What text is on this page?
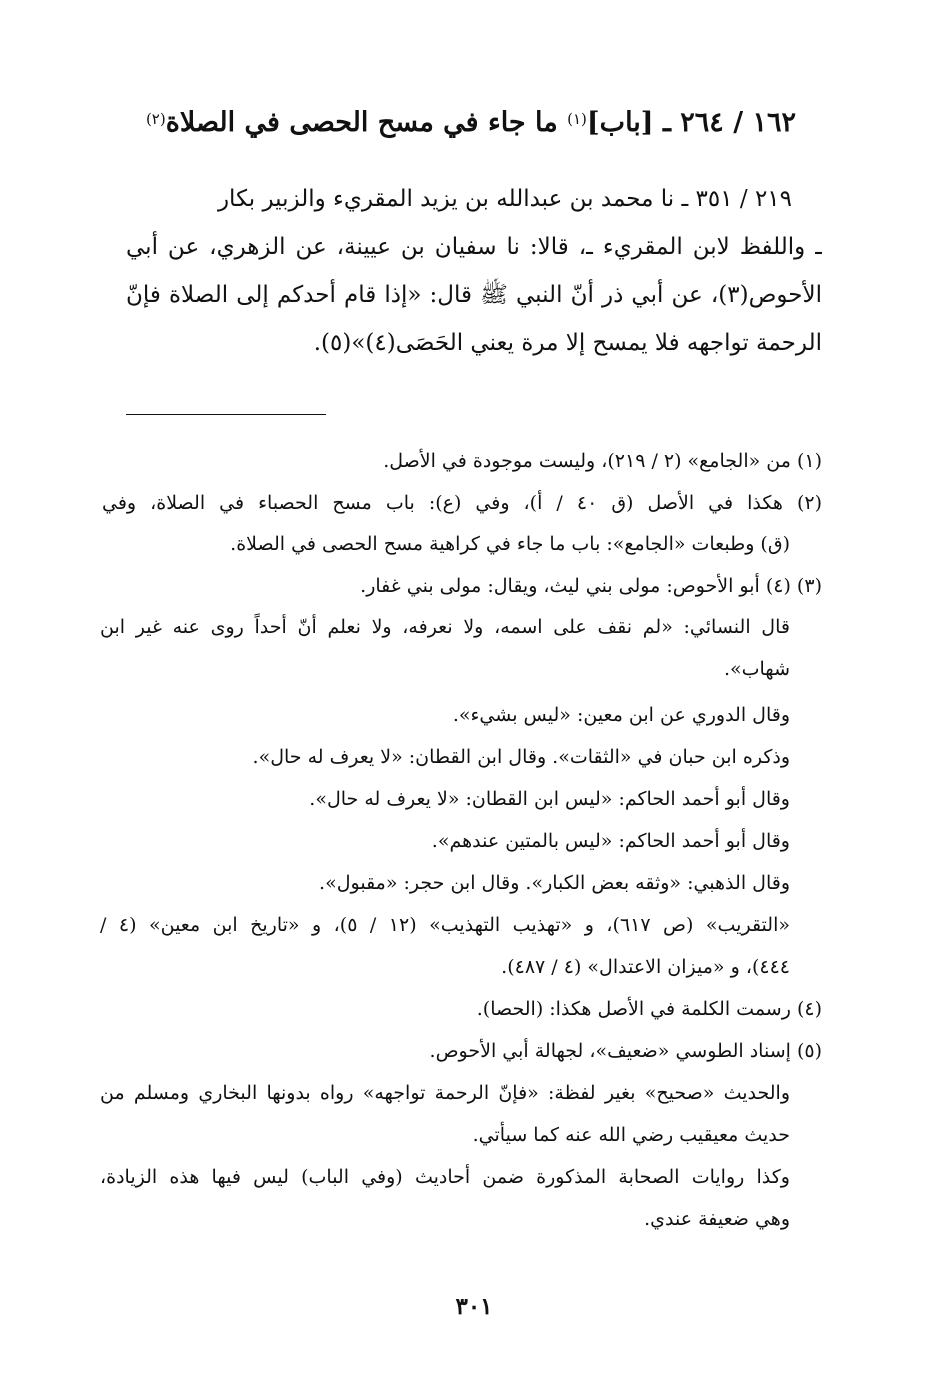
١٦٢ / ٢٦٤ ـ [باب]$^{(١)}$ ما جاء في مسح الحصى في الصلاة$^{(٢)}$
٢١٩ / ٣٥١ ـ نا محمد بن عبدالله بن يزيد المقريء والزبير بكار
ـ واللفظ لابن المقريء ـ، قالا: نا سفيان بن عيينة، عن الزهري، عن أبي
الأحوص(٣)، عن أبي ذر أنّ النبي ﷺ قال: «إذا قام أحدكم إلى الصلاة فإنّ
الرحمة تواجهه فلا يمسح إلا مرة يعني الحَصَى(٤)»(٥).
(١) من «الجامع» (٢ / ٢١٩)، وليست موجودة في الأصل.
(٢) هكذا في الأصل (ق ٤٠ / أ)، وفي (ع): باب مسح الحصباء في الصلاة، وفي
(ق) وطبعات «الجامع»: باب ما جاء في كراهية مسح الحصى في الصلاة.
(٣) (٤) أبو الأحوص: مولى بني ليث، ويقال: مولى بني غفار.
قال النسائي: «لم نقف على اسمه، ولا نعرفه، ولا نعلم أنّ أحداً روى عنه غير ابن
شهاب».
وقال الدوري عن ابن معين: «ليس بشيء».
وذكره ابن حبان في «الثقات». وقال ابن القطان: «لا يعرف له حال».
وقال أبو أحمد الحاكم: «ليس ابن القطان: «لا يعرف له حال».
وقال أبو أحمد الحاكم: «ليس بالمتين عندهم».
وقال الذهبي: «وثقه بعض الكبار». وقال ابن حجر: «مقبول».
«التقريب» (ص ٦١٧)، و «تهذيب التهذيب» (١٢ / ٥)، و «تاريخ ابن معين» (٤ /
٤٤٤)، و «ميزان الاعتدال» (٤ / ٤٨٧).
(٤) رسمت الكلمة في الأصل هكذا: (الحصا).
(٥) إسناد الطوسي «ضعيف»، لجهالة أبي الأحوص.
والحديث «صحيح» بغير لفظة: «فإنّ الرحمة تواجهه» رواه بدونها البخاري ومسلم من
حديث معيقيب رضي الله عنه كما سيأتي.
وكذا روايات الصحابة المذكورة ضمن أحاديث (وفي الباب) ليس فيها هذه الزيادة،
وهي ضعيفة عندي.
٣٠١
